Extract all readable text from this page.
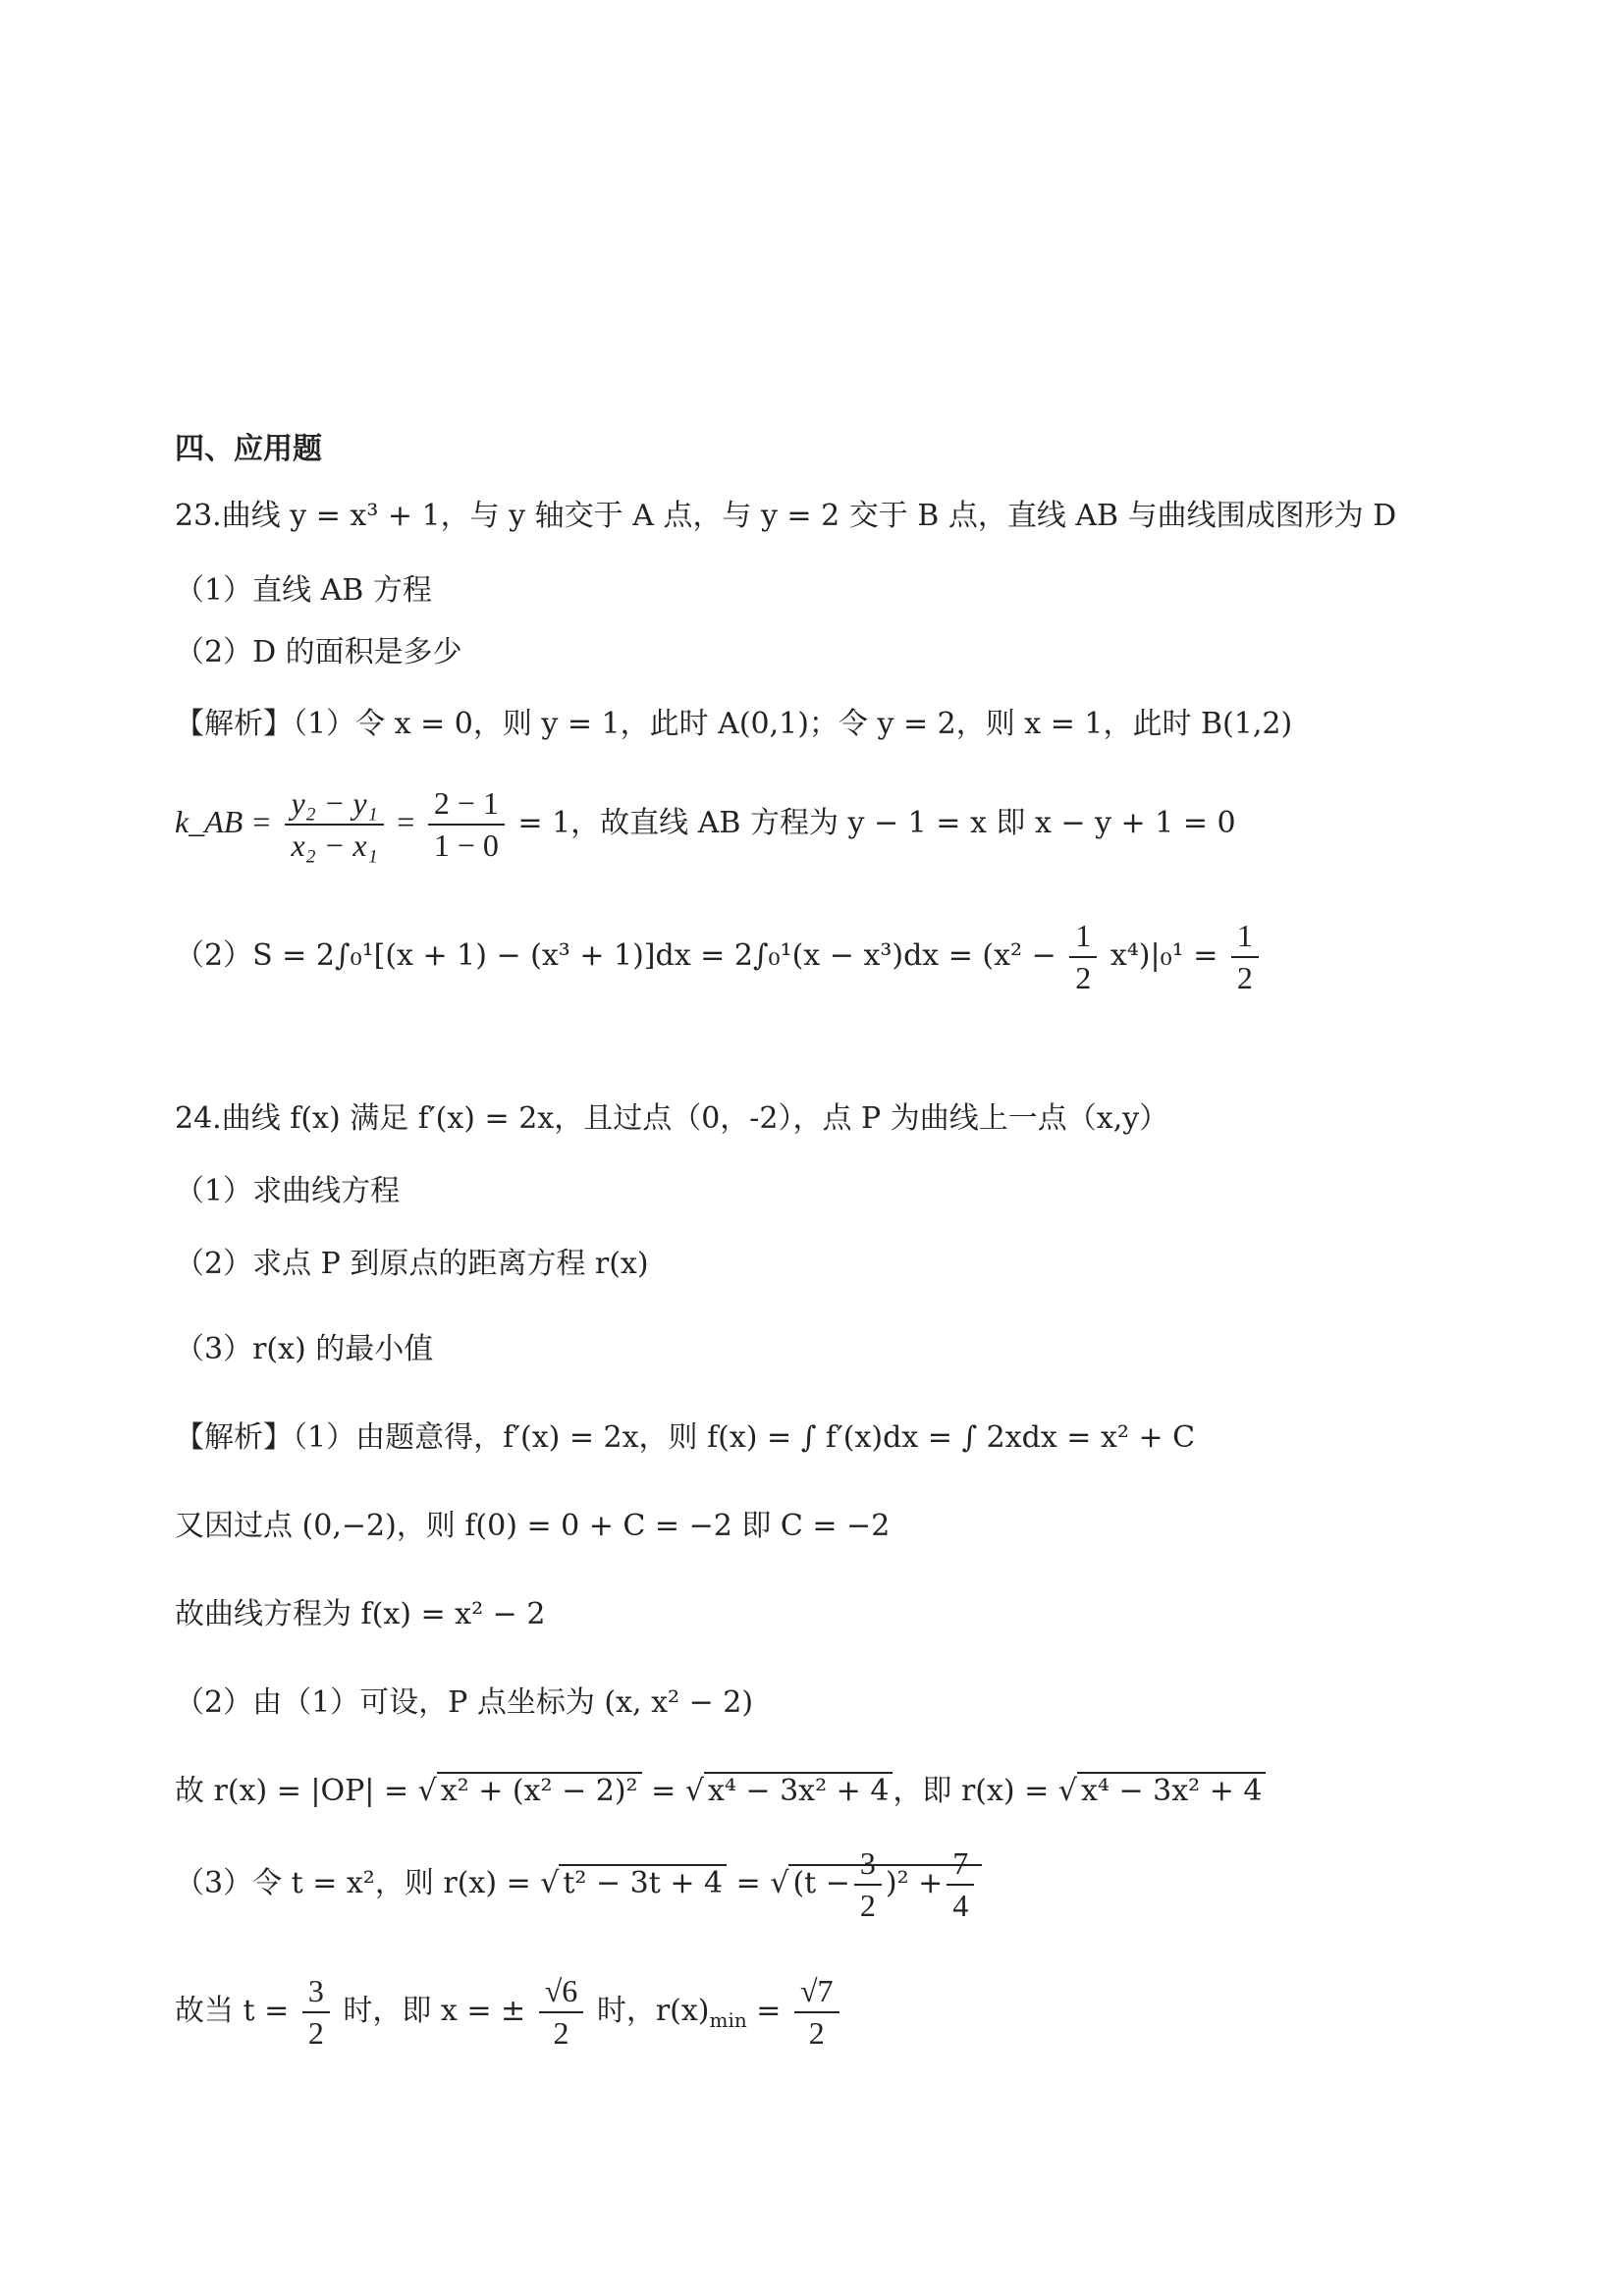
四、应用题
23.曲线 y = x³ + 1，与 y 轴交于 A 点，与 y = 2 交于 B 点，直线 AB 与曲线围成图形为 D
（1）直线 AB 方程
（2）D 的面积是多少
【解析】（1）令 x = 0，则 y = 1，此时 A(0,1)；令 y = 2，则 x = 1，此时 B(1,2)
k_AB = $\frac{\text{y₂ − y₁}}{\text{x₂ − x₁}} = \frac{2 - 1}{1 - 0} = 1$，故直线 AB 方程为 y − 1 = x 即 x − y + 1 = 0
$(2)S = 2\int_0^1[(x + 1) - (x^3 + 1)]dx = 2\int_0^1(x - x^3)dx = (x^2 - \frac{1}{2} x^4)|_0^1 = \frac{1}{2}$
24.曲线 f(x) 满足 f′(x) = 2x，且过点（0，-2），点 P 为曲线上一点（x,y）
（1）求曲线方程
（2）求点 P 到原点的距离方程 r(x)
（3）r(x) 的最小值
【解析】（1）由题意得，f′(x) = 2x，则 f(x) = ∫ f′(x)dx = ∫ 2xdx = x² + C
又因过点 (0,−2)，则 f(0) = 0 + C = −2 即 C = −2
故曲线方程为 f(x) = x² − 2
（2）由（1）可设，P 点坐标为 (x, x² − 2)
故 r(x) = |OP| = √ x² + (x² − 2)² = √ x⁴ − 3x² + 4 ，即 r(x) = √ x⁴ − 3x² + 4
（3）令 t = x²，则 r(x) = √ t² − 3t + 4 = √ $(t - \frac{3}{2} )^2 + \frac{7}{4}$
故当 $t = \frac{3}{2}$ 时，即 x = ± $\frac{√6}{2}$ 时，$r(x)_{min} = \frac{√7}{2}$
